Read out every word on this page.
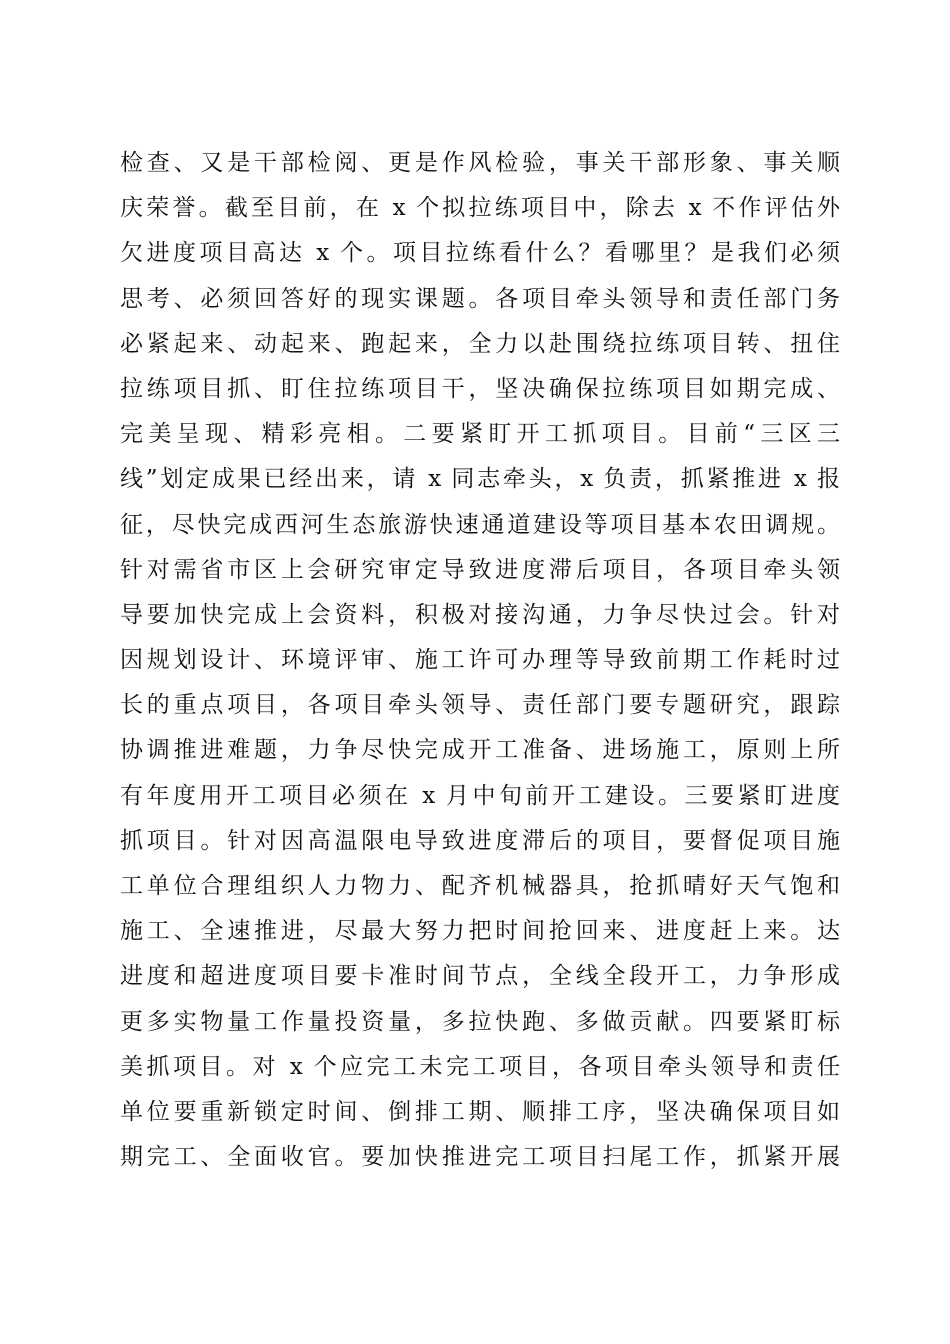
检查、又是干部检阅、更是作风检验，事关干部形象、事关顺
庆荣誉。截至目前，在 x 个拟拉练项目中，除去 x 不作评估外
欠进度项目高达 x 个。项目拉练看什么？看哪里？是我们必须
思考、必须回答好的现实课题。各项目牵头领导和责任部门务
必紧起来、动起来、跑起来，全力以赴围绕拉练项目转、扭住
拉练项目抓、盯住拉练项目干，坚决确保拉练项目如期完成、
完美呈现、精彩亮相。二要紧盯开工抓项目。目前“三区三
线”划定成果已经出来，请 x 同志牵头，x 负责，抓紧推进 x 报
征，尽快完成西河生态旅游快速通道建设等项目基本农田调规。
针对需省市区上会研究审定导致进度滞后项目，各项目牵头领
导要加快完成上会资料，积极对接沟通，力争尽快过会。针对
因规划设计、环境评审、施工许可办理等导致前期工作耗时过
长的重点项目，各项目牵头领导、责任部门要专题研究，跟踪
协调推进难题，力争尽快完成开工准备、进场施工，原则上所
有年度用开工项目必须在 x 月中旬前开工建设。三要紧盯进度
抓项目。针对因高温限电导致进度滞后的项目，要督促项目施
工单位合理组织人力物力、配齐机械器具，抢抓晴好天气饱和
施工、全速推进，尽最大努力把时间抢回来、进度赶上来。达
进度和超进度项目要卡准时间节点，全线全段开工，力争形成
更多实物量工作量投资量，多拉快跑、多做贡献。四要紧盯标
美抓项目。对 x 个应完工未完工项目，各项目牵头领导和责任
单位要重新锁定时间、倒排工期、顺排工序，坚决确保项目如
期完工、全面收官。要加快推进完工项目扫尾工作，抓紧开展
